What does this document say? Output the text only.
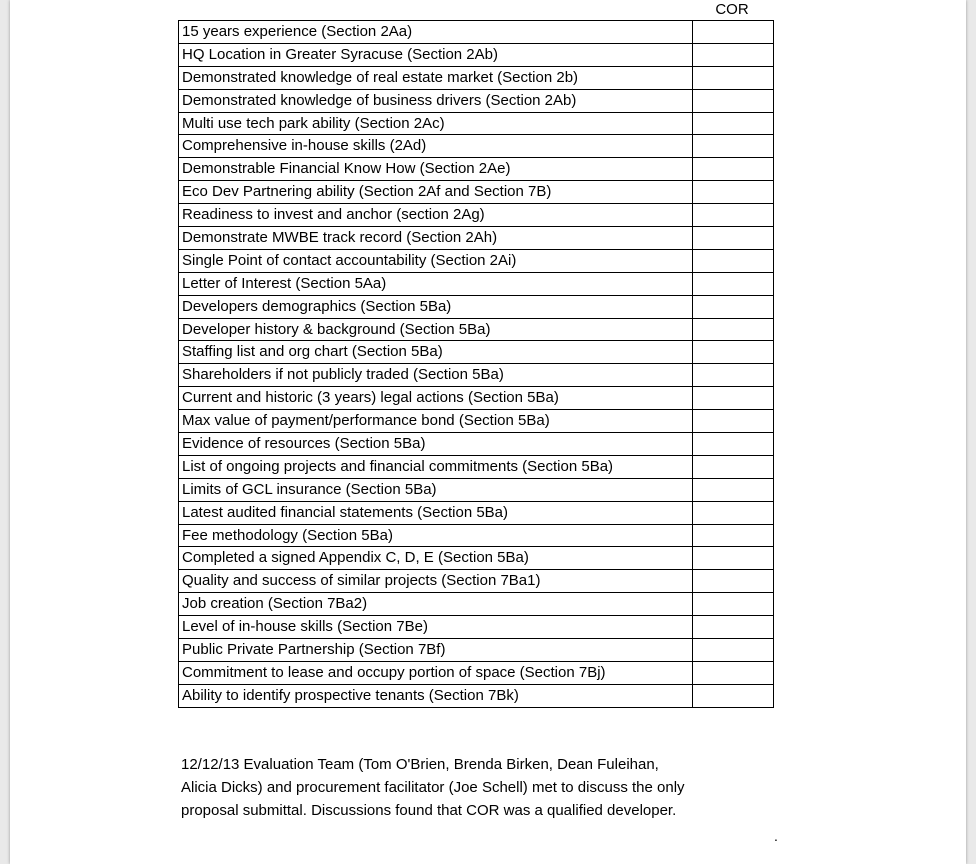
COR
15 years experience (Section 2Aa)	
HQ Location in Greater Syracuse (Section 2Ab)	
Demonstrated knowledge of real estate market (Section 2b)	
Demonstrated knowledge of business drivers (Section 2Ab)	
Multi use tech park ability (Section 2Ac)	
Comprehensive in-house skills (2Ad)	
Demonstrable Financial Know How (Section 2Ae)	
Eco Dev Partnering ability (Section 2Af and Section 7B)	
Readiness to invest and anchor (section 2Ag)	
Demonstrate MWBE track record (Section 2Ah)	
Single Point of contact accountability (Section 2Ai)	
Letter of Interest (Section 5Aa)	
Developers demographics (Section 5Ba)	
Developer history & background (Section 5Ba)	
Staffing list and org chart (Section 5Ba)	
Shareholders if not publicly traded (Section 5Ba)	
Current and historic (3 years) legal actions (Section 5Ba)	
Max value of payment/performance bond (Section 5Ba)	
Evidence of resources (Section 5Ba)	
List of ongoing projects and financial commitments (Section 5Ba)	
Limits of GCL insurance (Section 5Ba)	
Latest audited financial statements (Section 5Ba)	
Fee methodology (Section 5Ba)	
Completed a signed Appendix C, D, E (Section 5Ba)	
Quality and success of similar projects (Section 7Ba1)	
Job creation (Section 7Ba2)	
Level of in-house skills (Section 7Be)	
Public Private Partnership (Section 7Bf)	
Commitment to lease and occupy portion of space (Section 7Bj)	
Ability to identify prospective tenants (Section 7Bk)	
12/12/13 Evaluation Team (Tom O'Brien, Brenda Birken, Dean Fuleihan, Alicia Dicks) and procurement facilitator (Joe Schell) met to discuss the only proposal submittal. Discussions found that COR was a qualified developer.
.
